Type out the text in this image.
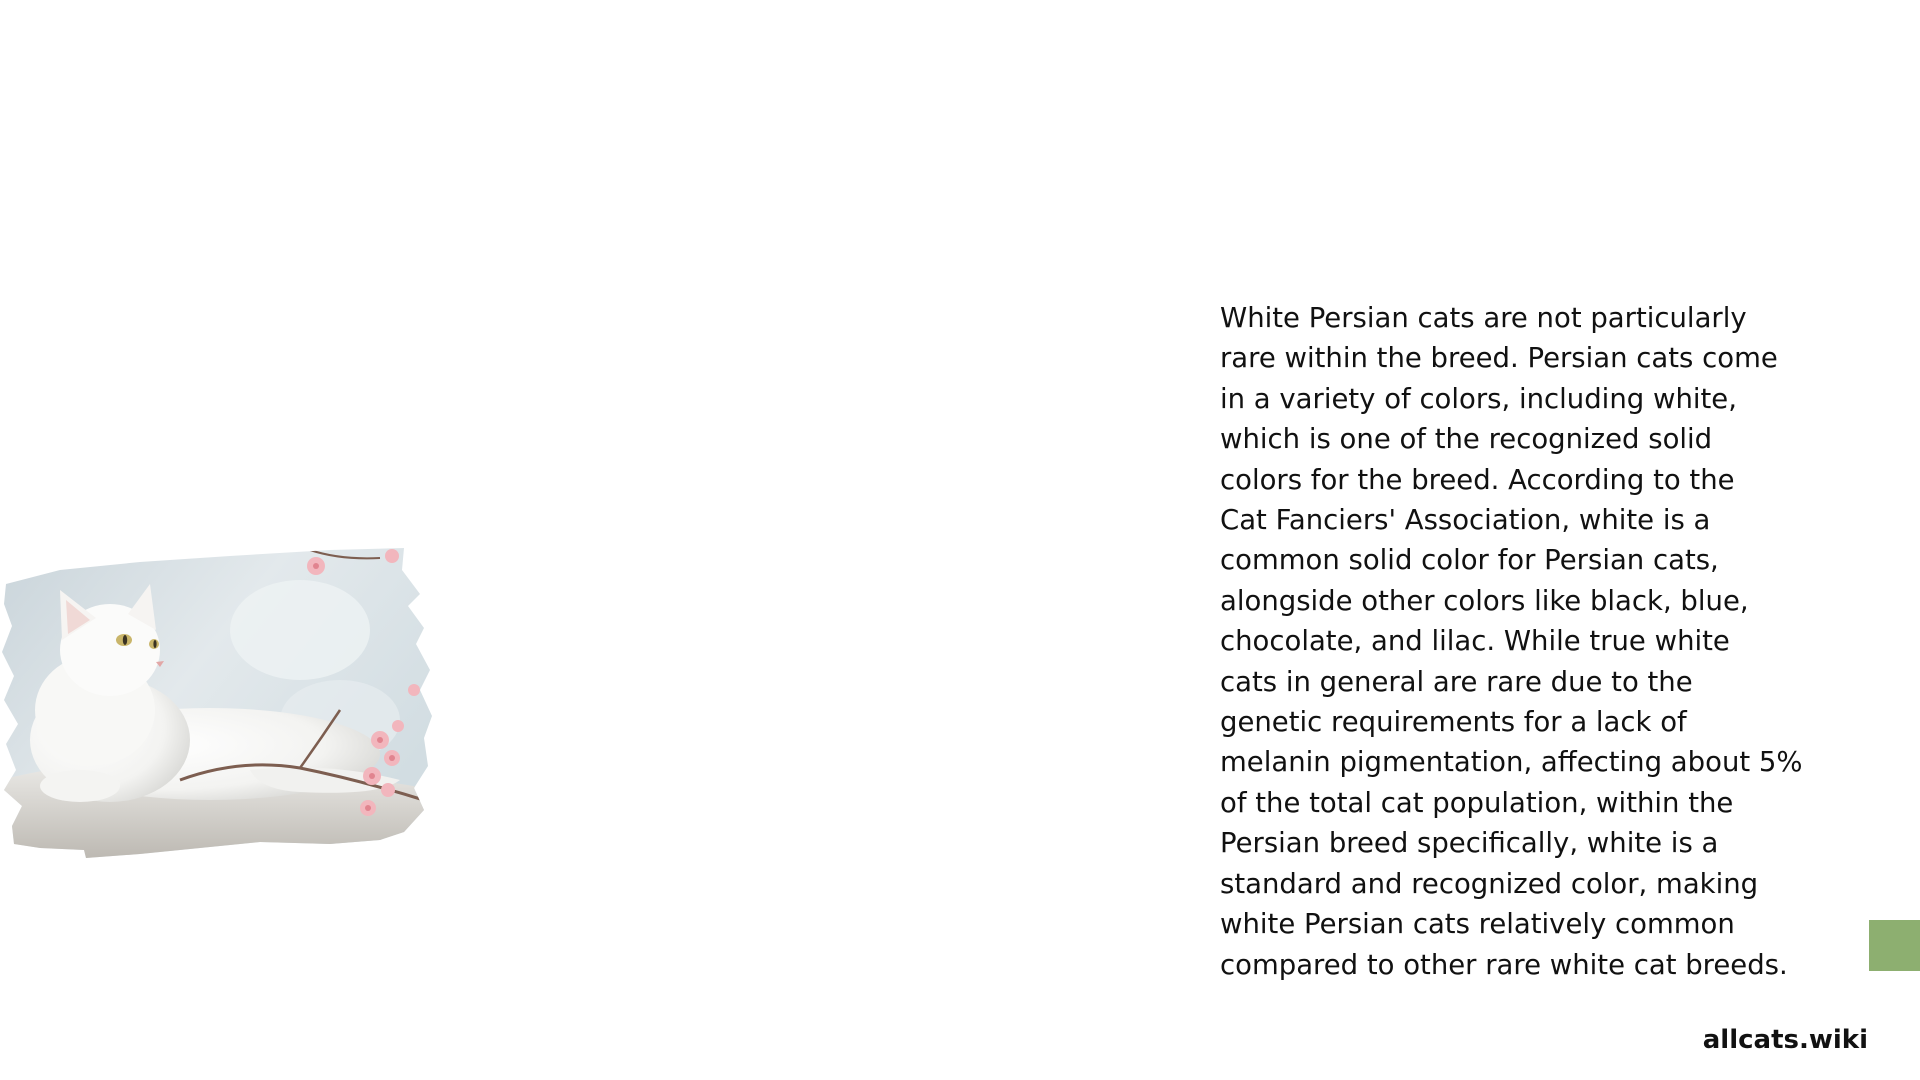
White Persian cats are not particularly
rare within the breed. Persian cats come
in a variety of colors, including white,
which is one of the recognized solid
colors for the breed. According to the
Cat Fanciers' Association, white is a
common solid color for Persian cats,
alongside other colors like black, blue,
chocolate, and lilac. While true white
cats in general are rare due to the
genetic requirements for a lack of
melanin pigmentation, affecting about 5%
of the total cat population, within the
Persian breed specifically, white is a
standard and recognized color, making
white Persian cats relatively common
compared to other rare white cat breeds.

allcats.wiki
